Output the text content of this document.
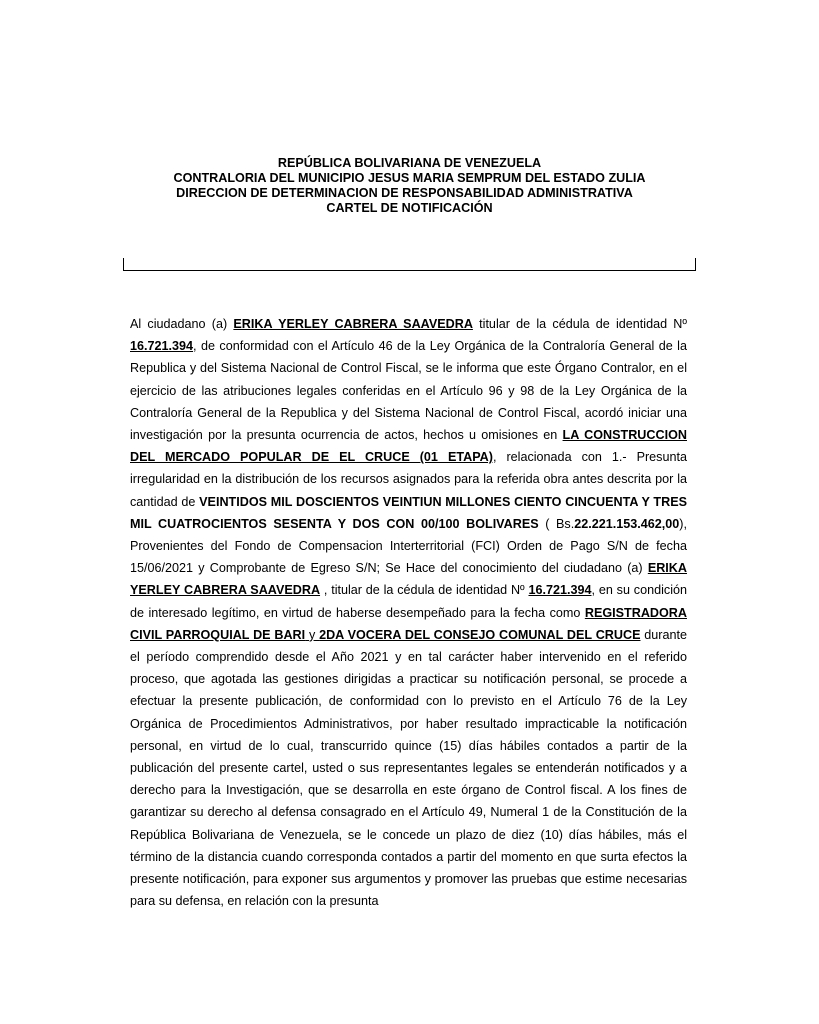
REPÚBLICA BOLIVARIANA DE VENEZUELA
CONTRALORIA DEL MUNICIPIO JESUS MARIA SEMPRUM DEL ESTADO ZULIA
DIRECCION DE DETERMINACION DE RESPONSABILIDAD ADMINISTRATIVA
CARTEL DE NOTIFICACIÓN

Al ciudadano (a) ERIKA YERLEY CABRERA SAAVEDRA titular de la cédula de identidad Nº 16.721.394, de conformidad con el Artículo 46 de la Ley Orgánica de la Contraloría General de la Republica y del Sistema Nacional de Control Fiscal, se le informa que este Órgano Contralor, en el ejercicio de las atribuciones legales conferidas en el Artículo 96 y 98 de la Ley Orgánica de la Contraloría General de la Republica y del Sistema Nacional de Control Fiscal, acordó iniciar una investigación por la presunta ocurrencia de actos, hechos u omisiones en LA CONSTRUCCION DEL MERCADO POPULAR DE EL CRUCE (01 ETAPA), relacionada con 1.- Presunta irregularidad en la distribución de los recursos asignados para la referida obra antes descrita por la cantidad de VEINTIDOS MIL DOSCIENTOS VEINTIUN MILLONES CIENTO CINCUENTA Y TRES MIL CUATROCIENTOS SESENTA Y DOS CON 00/100 BOLIVARES ( Bs.22.221.153.462,00), Provenientes del Fondo de Compensacion Interterritorial (FCI) Orden de Pago S/N de fecha 15/06/2021 y Comprobante de Egreso S/N; Se Hace del conocimiento del ciudadano (a) ERIKA YERLEY CABRERA SAAVEDRA , titular de la cédula de identidad Nº 16.721.394, en su condición de interesado legítimo, en virtud de haberse desempeñado para la fecha como REGISTRADORA CIVIL PARROQUIAL DE BARI y 2DA VOCERA DEL CONSEJO COMUNAL DEL CRUCE durante el período comprendido desde el Año 2021 y en tal carácter haber intervenido en el referido proceso, que agotada las gestiones dirigidas a practicar su notificación personal, se procede a efectuar la presente publicación, de conformidad con lo previsto en el Artículo 76 de la Ley Orgánica de Procedimientos Administrativos, por haber resultado impracticable la notificación personal, en virtud de lo cual, transcurrido quince (15) días hábiles contados a partir de la publicación del presente cartel, usted o sus representantes legales se entenderán notificados y a derecho para la Investigación, que se desarrolla en este órgano de Control fiscal. A los fines de garantizar su derecho al defensa consagrado en el Artículo 49, Numeral 1 de la Constitución de la República Bolivariana de Venezuela, se le concede un plazo de diez (10) días hábiles, más el término de la distancia cuando corresponda contados a partir del momento en que surta efectos la presente notificación, para exponer sus argumentos y promover las pruebas que estime necesarias para su defensa, en relación con la presunta
